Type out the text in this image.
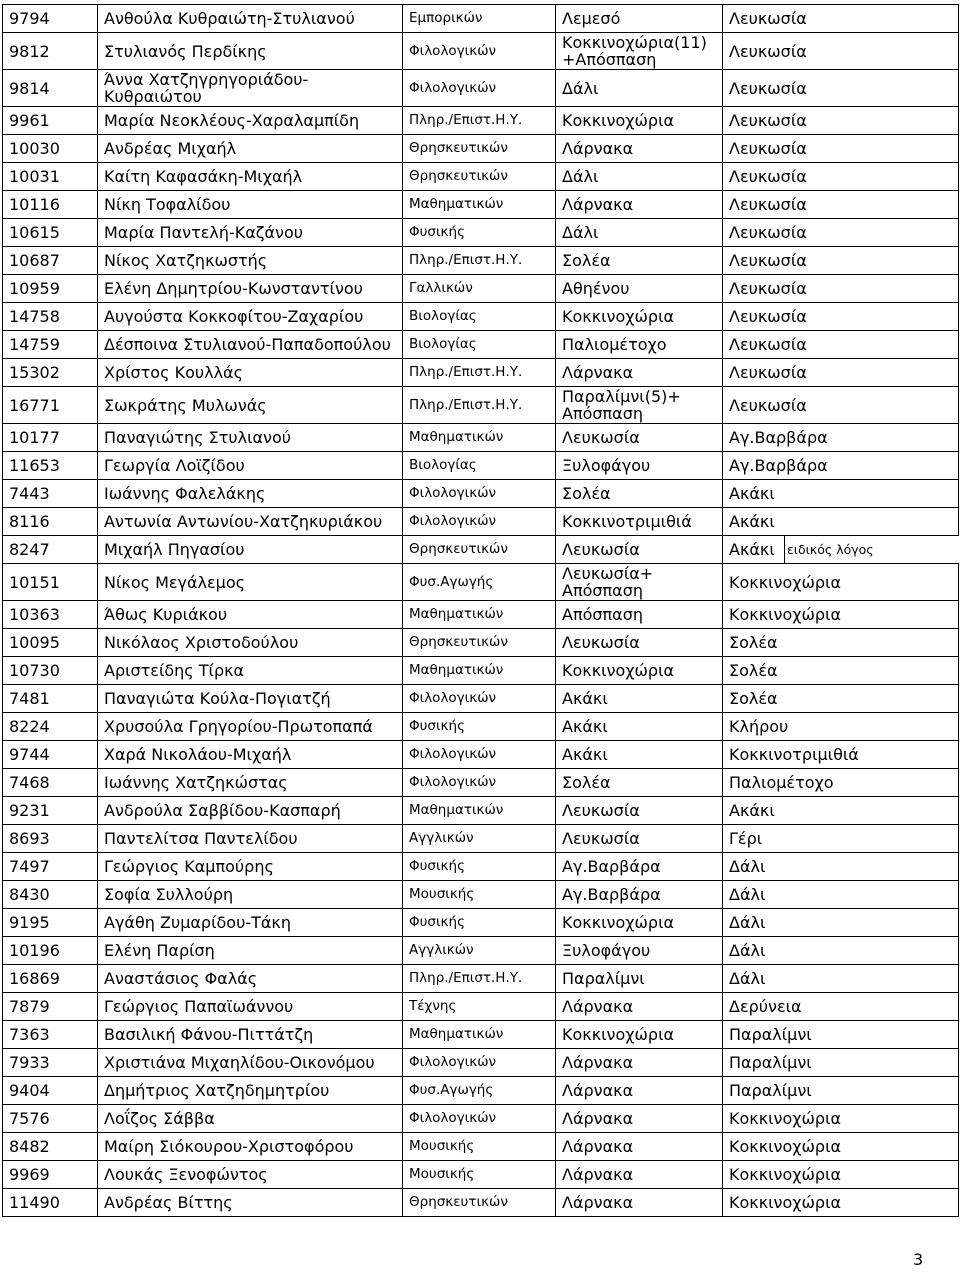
9794	Ανθούλα Κυθραιώτη-Στυλιανού	Εμπορικών	Λεμεσό	Λευκωσία	
9812	Στυλιανός Περδίκης	Φιλολογικών	Κοκκινοχώρια(11)
+Απόσπαση	Λευκωσία	
9814	Άννα Χατζηγρηγοριάδου-
Κυθραιώτου	Φιλολογικών	Δάλι	Λευκωσία	
9961	Μαρία Νεοκλέους-Χαραλαμπίδη	Πληρ./Επιστ.Η.Υ.	Κοκκινοχώρια	Λευκωσία	
10030	Ανδρέας Μιχαήλ	Θρησκευτικών	Λάρνακα	Λευκωσία	
10031	Καίτη Καφασάκη-Μιχαήλ	Θρησκευτικών	Δάλι	Λευκωσία	
10116	Νίκη Τοφαλίδου	Μαθηματικών	Λάρνακα	Λευκωσία	
10615	Μαρία Παντελή-Καζάνου	Φυσικής	Δάλι	Λευκωσία	
10687	Νίκος Χατζηκωστής	Πληρ./Επιστ.Η.Υ.	Σολέα	Λευκωσία	
10959	Ελένη Δημητρίου-Κωνσταντίνου	Γαλλικών	Αθηένου	Λευκωσία	
14758	Αυγούστα Κοκκοφίτου-Ζαχαρίου	Βιολογίας	Κοκκινοχώρια	Λευκωσία	
14759	Δέσποινα Στυλιανού-Παπαδοπούλου	Βιολογίας	Παλιομέτοχο	Λευκωσία	
15302	Χρίστος Κουλλάς	Πληρ./Επιστ.Η.Υ.	Λάρνακα	Λευκωσία	
16771	Σωκράτης Μυλωνάς	Πληρ./Επιστ.Η.Υ.	Παραλίμνι(5)+
Απόσπαση	Λευκωσία	
10177	Παναγιώτης Στυλιανού	Μαθηματικών	Λευκωσία	Αγ.Βαρβάρα	
11653	Γεωργία Λοϊζίδου	Βιολογίας	Ξυλοφάγου	Αγ.Βαρβάρα	
7443	Ιωάννης Φαλελάκης	Φιλολογικών	Σολέα	Ακάκι	
8116	Αντωνία Αντωνίου-Χατζηκυριάκου	Φιλολογικών	Κοκκινοτριμιθιά	Ακάκι	
8247	Μιχαήλ Πηγασίου	Θρησκευτικών	Λευκωσία	Ακάκι	ειδικός λόγος
10151	Νίκος Μεγάλεμος	Φυσ.Αγωγής	Λευκωσία+
Απόσπαση	Κοκκινοχώρια	
10363	Άθως Κυριάκου	Μαθηματικών	Απόσπαση	Κοκκινοχώρια	
10095	Νικόλαος Χριστοδούλου	Θρησκευτικών	Λευκωσία	Σολέα	
10730	Αριστείδης Τίρκα	Μαθηματικών	Κοκκινοχώρια	Σολέα	
7481	Παναγιώτα Κούλα-Πογιατζή	Φιλολογικών	Ακάκι	Σολέα	
8224	Χρυσούλα Γρηγορίου-Πρωτοπαπά	Φυσικής	Ακάκι	Κλήρου	
9744	Χαρά Νικολάου-Μιχαήλ	Φιλολογικών	Ακάκι	Κοκκινοτριμιθιά	
7468	Ιωάννης Χατζηκώστας	Φιλολογικών	Σολέα	Παλιομέτοχο	
9231	Ανδρούλα Σαββίδου-Κασπαρή	Μαθηματικών	Λευκωσία	Ακάκι	
8693	Παντελίτσα Παντελίδου	Αγγλικών	Λευκωσία	Γέρι	
7497	Γεώργιος Καμπούρης	Φυσικής	Αγ.Βαρβάρα	Δάλι	
8430	Σοφία Συλλούρη	Μουσικής	Αγ.Βαρβάρα	Δάλι	
9195	Αγάθη Ζυμαρίδου-Τάκη	Φυσικής	Κοκκινοχώρια	Δάλι	
10196	Ελένη Παρίση	Αγγλικών	Ξυλοφάγου	Δάλι	
16869	Αναστάσιος Φαλάς	Πληρ./Επιστ.Η.Υ.	Παραλίμνι	Δάλι	
7879	Γεώργιος Παπαϊωάννου	Τέχνης	Λάρνακα	Δερύνεια	
7363	Βασιλική Φάνου-Πιττάτζη	Μαθηματικών	Κοκκινοχώρια	Παραλίμνι	
7933	Χριστιάνα Μιχαηλίδου-Οικονόμου	Φιλολογικών	Λάρνακα	Παραλίμνι	
9404	Δημήτριος Χατζηδημητρίου	Φυσ.Αγωγής	Λάρνακα	Παραλίμνι	
7576	Λοΐζος Σάββα	Φιλολογικών	Λάρνακα	Κοκκινοχώρια	
8482	Μαίρη Σιόκουρου-Χριστοφόρου	Μουσικής	Λάρνακα	Κοκκινοχώρια	
9969	Λουκάς Ξενοφώντος	Μουσικής	Λάρνακα	Κοκκινοχώρια	
11490	Ανδρέας Βίττης	Θρησκευτικών	Λάρνακα	Κοκκινοχώρια	
3
